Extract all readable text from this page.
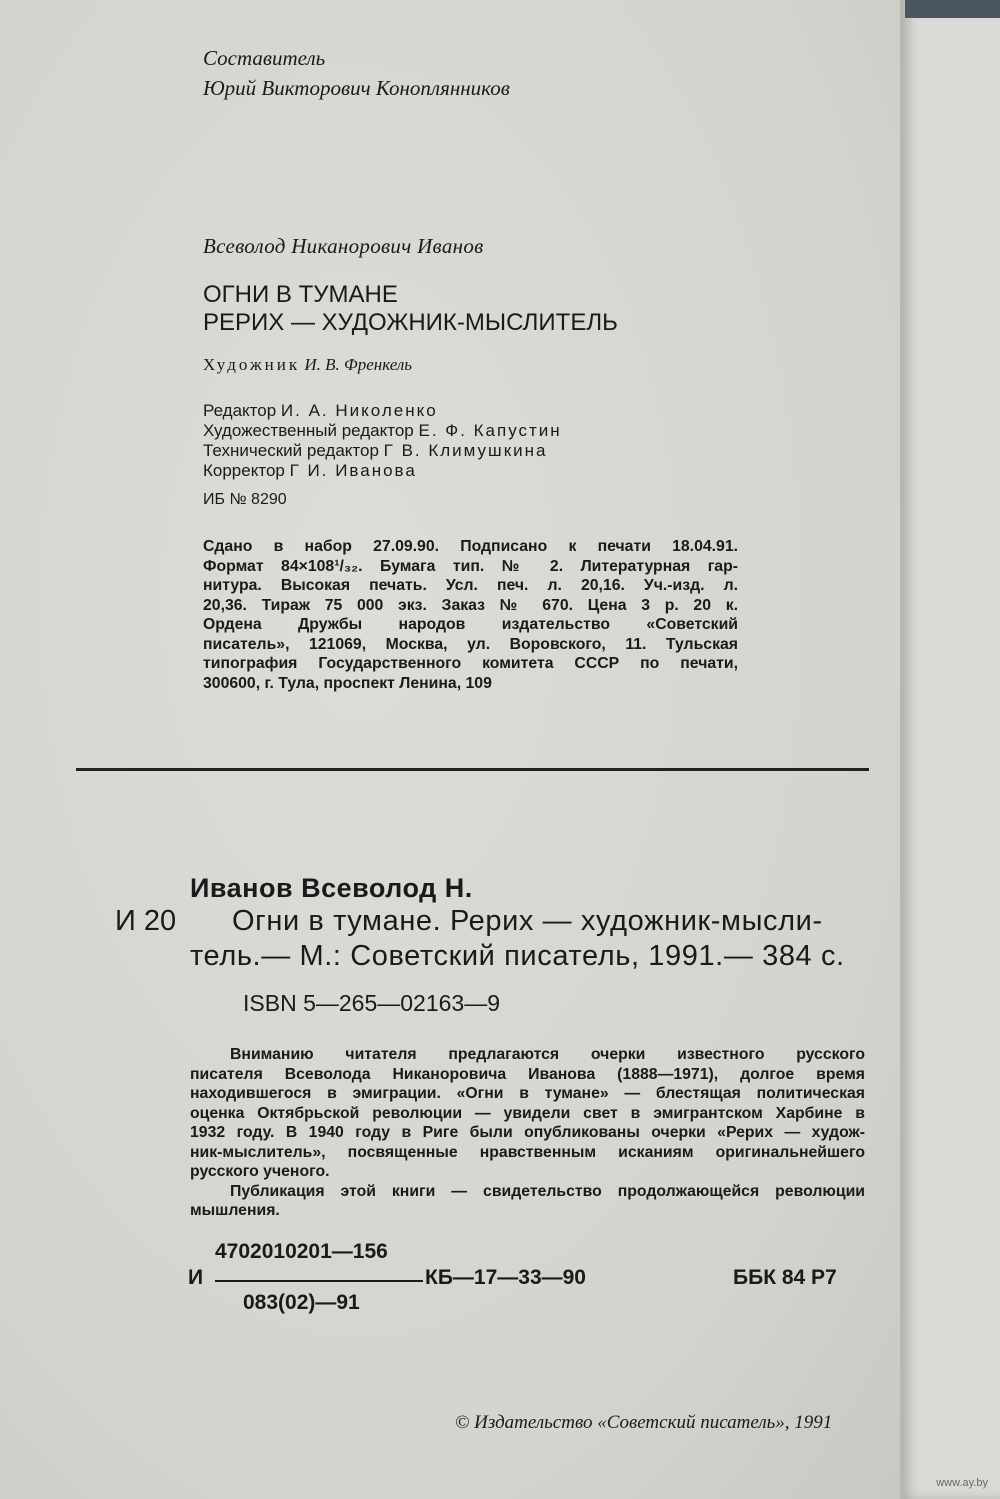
Составитель
Юрий Викторович Коноплянников
Всеволод Никанорович Иванов
ОГНИ В ТУМАНЕ
РЕРИХ — ХУДОЖНИК-МЫСЛИТЕЛЬ
Художник И. В. Френкель
Редактор И. А. Николенко
Художественный редактор Е. Ф. Капустин
Технический редактор Г В. Климушкина
Корректор Г И. Иванова
ИБ № 8290
Сдано в набор 27.09.90. Подписано к печати 18.04.91.
Формат 84×108¹/₃₂. Бумага тип. № 2. Литературная гар-
нитура. Высокая печать. Усл. печ. л. 20,16. Уч.-изд. л.
20,36. Тираж 75 000 экз. Заказ № 670. Цена 3 р. 20 к.
Ордена Дружбы народов издательство «Советский
писатель», 121069, Москва, ул. Воровского, 11. Тульская
типография Государственного комитета СССР по печати,
300600, г. Тула, проспект Ленина, 109
Иванов Всеволод Н.
И 20 Огни в тумане. Рерих — художник-мысли-
тель.— М.: Советский писатель, 1991.— 384 с.
ISBN 5—265—02163—9
Вниманию читателя предлагаются очерки известного русского
писателя Всеволода Никаноровича Иванова (1888—1971), долгое время
находившегося в эмиграции. «Огни в тумане» — блестящая политическая
оценка Октябрьской революции — увидели свет в эмигрантском Харбине в
1932 году. В 1940 году в Риге были опубликованы очерки «Рерих — худож-
ник-мыслитель», посвященные нравственным исканиям оригинальнейшего
русского ученого.
Публикация этой книги — свидетельство продолжающейся революции
мышления.
4702010201—156
И	КБ—17—33—90	ББК 84 Р7
083(02)—91
© Издательство «Советский писатель», 1991
www.ay.by
